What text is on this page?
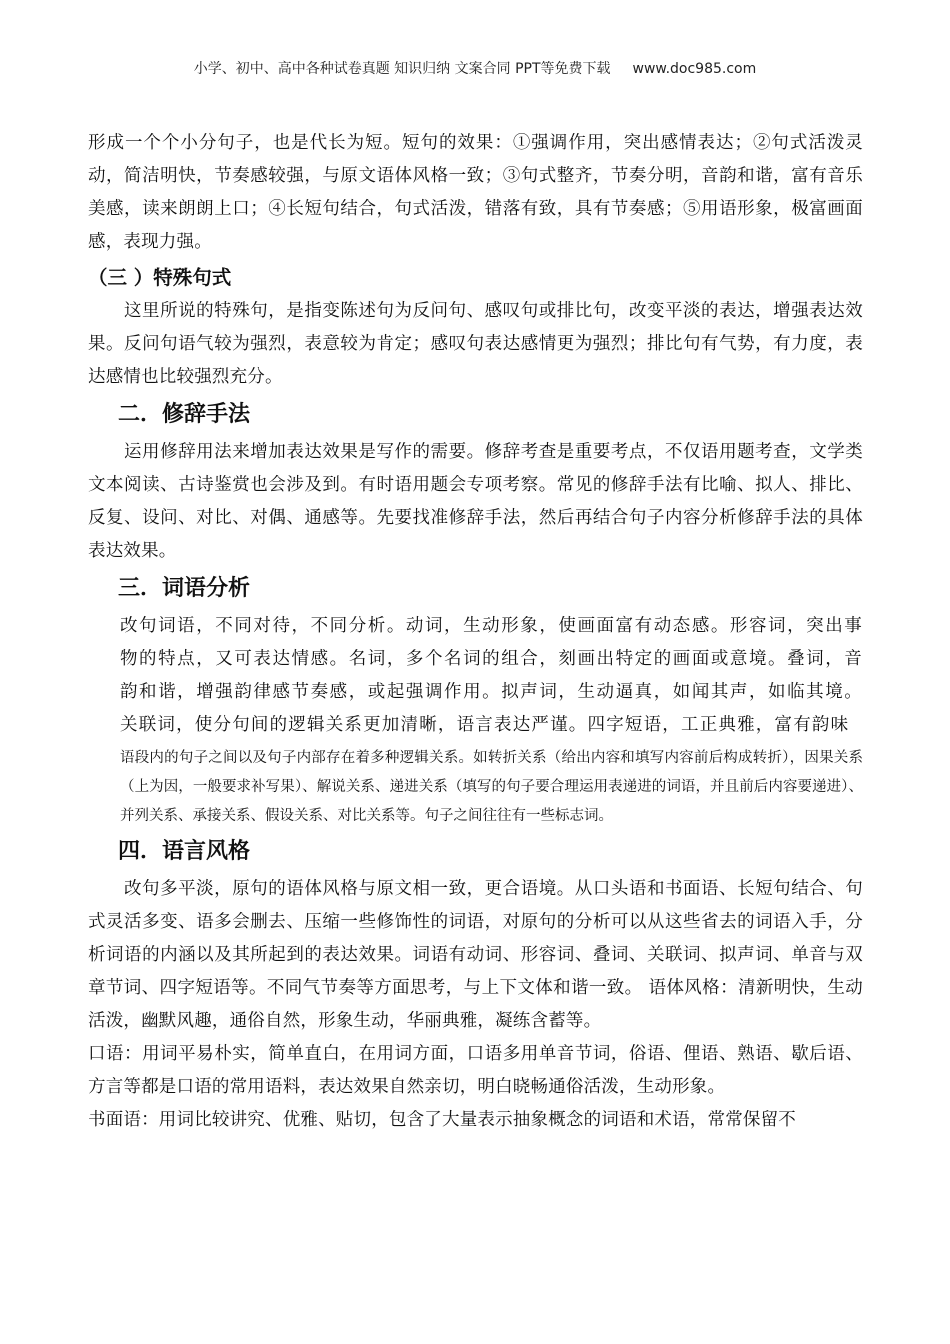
小学、初中、高中各种试卷真题 知识归纳 文案合同 PPT等免费下载 www.doc985.com

形成一个个小分句子，也是代长为短。短句的效果：①强调作用，突出感情表达；②句式活泼灵动，简洁明快，节奏感较强，与原文语体风格一致；③句式整齐，节奏分明，音韵和谐，富有音乐美感，读来朗朗上口；④长短句结合，句式活泼，错落有致，具有节奏感；⑤用语形象，极富画面感，表现力强。

（三 ）特殊句式

这里所说的特殊句，是指变陈述句为反问句、感叹句或排比句，改变平淡的表达，增强表达效果。反问句语气较为强烈，表意较为肯定；感叹句表达感情更为强烈；排比句有气势，有力度，表达感情也比较强烈充分。

二．修辞手法

运用修辞用法来增加表达效果是写作的需要。修辞考查是重要考点，不仅语用题考查，文学类文本阅读、古诗鉴赏也会涉及到。有时语用题会专项考察。常见的修辞手法有比喻、拟人、排比、反复、设问、对比、对偶、通感等。先要找准修辞手法，然后再结合句子内容分析修辞手法的具体表达效果。

三．词语分析

改句词语，不同对待，不同分析。动词，生动形象，使画面富有动态感。形容词，突出事物的特点，又可表达情感。名词，多个名词的组合，刻画出特定的画面或意境。叠词，音韵和谐，增强韵律感节奏感，或起强调作用。拟声词，生动逼真，如闻其声，如临其境。关联词，使分句间的逻辑关系更加清晰，语言表达严谨。四字短语，工正典雅，富有韵味

语段内的句子之间以及句子内部存在着多种逻辑关系。如转折关系（给出内容和填写内容前后构成转折），因果关系（上为因，一般要求补写果）、解说关系、递进关系（填写的句子要合理运用表递进的词语，并且前后内容要递进）、并列关系、承接关系、假设关系、对比关系等。句子之间往往有一些标志词。

四．语言风格

改句多平淡，原句的语体风格与原文相一致，更合语境。从口头语和书面语、长短句结合、句式灵活多变、语多会删去、压缩一些修饰性的词语，对原句的分析可以从这些省去的词语入手，分析词语的内涵以及其所起到的表达效果。词语有动词、形容词、叠词、关联词、拟声词、单音与双章节词、四字短语等。不同气节奏等方面思考，与上下文体和谐一致。 语体风格：清新明快，生动活泼，幽默风趣，通俗自然，形象生动，华丽典雅，凝练含蓄等。

口语：用词平易朴实，简单直白，在用词方面，口语多用单音节词，俗语、俚语、熟语、歇后语、方言等都是口语的常用语料，表达效果自然亲切，明白晓畅通俗活泼，生动形象。

书面语：用词比较讲究、优雅、贴切，包含了大量表示抽象概念的词语和术语，常常保留不
